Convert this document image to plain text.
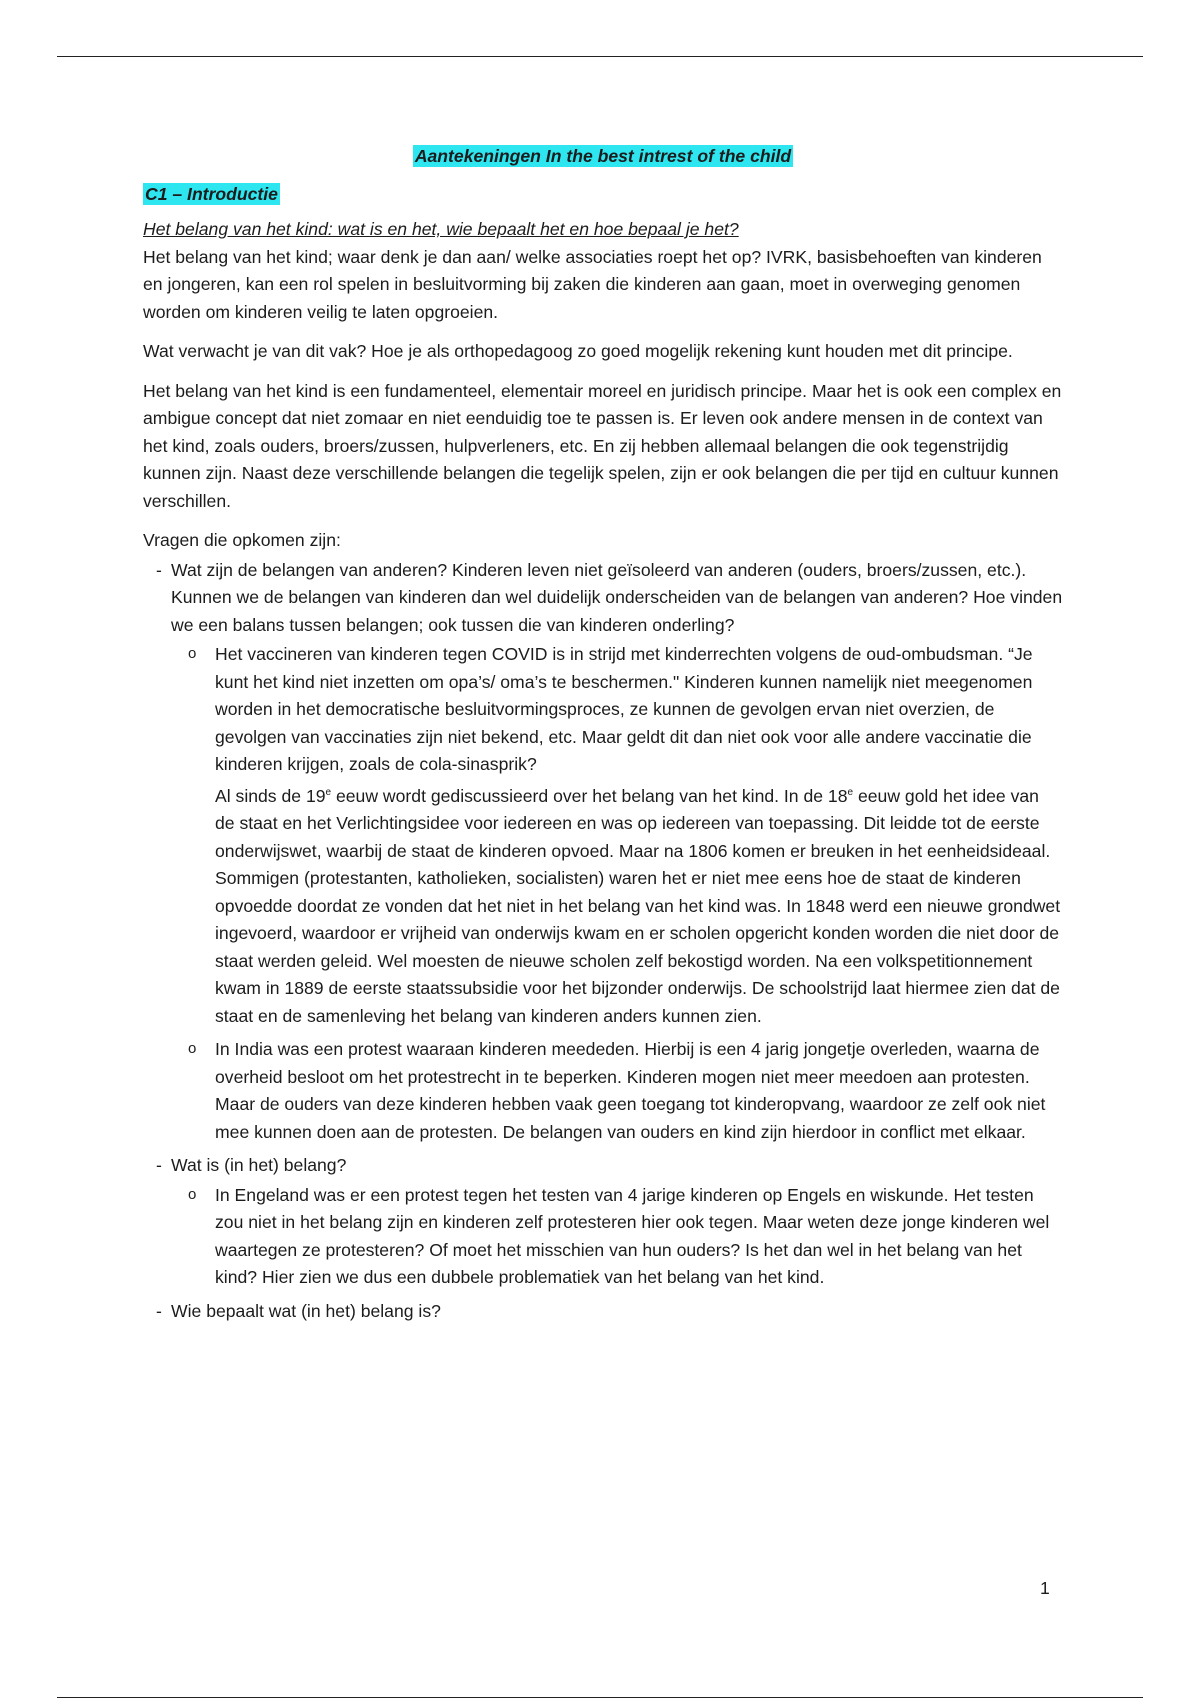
Aantekeningen In the best intrest of the child
C1 – Introductie
Het belang van het kind: wat is en het, wie bepaalt het en hoe bepaal je het?

Het belang van het kind; waar denk je dan aan/ welke associaties roept het op? IVRK, basisbehoeften van kinderen en jongeren, kan een rol spelen in besluitvorming bij zaken die kinderen aan gaan, moet in overweging genomen worden om kinderen veilig te laten opgroeien.

Wat verwacht je van dit vak? Hoe je als orthopedagoog zo goed mogelijk rekening kunt houden met dit principe.

Het belang van het kind is een fundamenteel, elementair moreel en juridisch principe. Maar het is ook een complex en ambigue concept dat niet zomaar en niet eenduidig toe te passen is. Er leven ook andere mensen in de context van het kind, zoals ouders, broers/zussen, hulpverleners, etc. En zij hebben allemaal belangen die ook tegenstrijdig kunnen zijn. Naast deze verschillende belangen die tegelijk spelen, zijn er ook belangen die per tijd en cultuur kunnen verschillen.

Vragen die opkomen zijn:
- Wat zijn de belangen van anderen? Kinderen leven niet geïsoleerd van anderen (ouders, broers/zussen, etc.). Kunnen we de belangen van kinderen dan wel duidelijk onderscheiden van de belangen van anderen? Hoe vinden we een balans tussen belangen; ook tussen die van kinderen onderling?
o Het vaccineren van kinderen tegen COVID is in strijd met kinderrechten volgens de oud-ombudsman. “Je kunt het kind niet inzetten om opa’s/ oma’s te beschermen." Kinderen kunnen namelijk niet meegenomen worden in het democratische besluitvormingsproces, ze kunnen de gevolgen ervan niet overzien, de gevolgen van vaccinaties zijn niet bekend, etc. Maar geldt dit dan niet ook voor alle andere vaccinatie die kinderen krijgen, zoals de cola-sinasprik?
Al sinds de 19e eeuw wordt gediscussieerd over het belang van het kind. In de 18e eeuw gold het idee van de staat en het Verlichtingsidee voor iedereen en was op iedereen van toepassing. Dit leidde tot de eerste onderwijswet, waarbij de staat de kinderen opvoed. Maar na 1806 komen er breuken in het eenheidsideaal. Sommigen (protestanten, katholieken, socialisten) waren het er niet mee eens hoe de staat de kinderen opvoedde doordat ze vonden dat het niet in het belang van het kind was. In 1848 werd een nieuwe grondwet ingevoerd, waardoor er vrijheid van onderwijs kwam en er scholen opgericht konden worden die niet door de staat werden geleid. Wel moesten de nieuwe scholen zelf bekostigd worden. Na een volkspetitionnement kwam in 1889 de eerste staatssubsidie voor het bijzonder onderwijs. De schoolstrijd laat hiermee zien dat de staat en de samenleving het belang van kinderen anders kunnen zien.
o In India was een protest waaraan kinderen meededen. Hierbij is een 4 jarig jongetje overleden, waarna de overheid besloot om het protestrecht in te beperken. Kinderen mogen niet meer meedoen aan protesten. Maar de ouders van deze kinderen hebben vaak geen toegang tot kinderopvang, waardoor ze zelf ook niet mee kunnen doen aan de protesten. De belangen van ouders en kind zijn hierdoor in conflict met elkaar.
- Wat is (in het) belang?
o In Engeland was er een protest tegen het testen van 4 jarige kinderen op Engels en wiskunde. Het testen zou niet in het belang zijn en kinderen zelf protesteren hier ook tegen. Maar weten deze jonge kinderen wel waartegen ze protesteren? Of moet het misschien van hun ouders? Is het dan wel in het belang van het kind? Hier zien we dus een dubbele problematiek van het belang van het kind.
- Wie bepaalt wat (in het) belang is?
1
